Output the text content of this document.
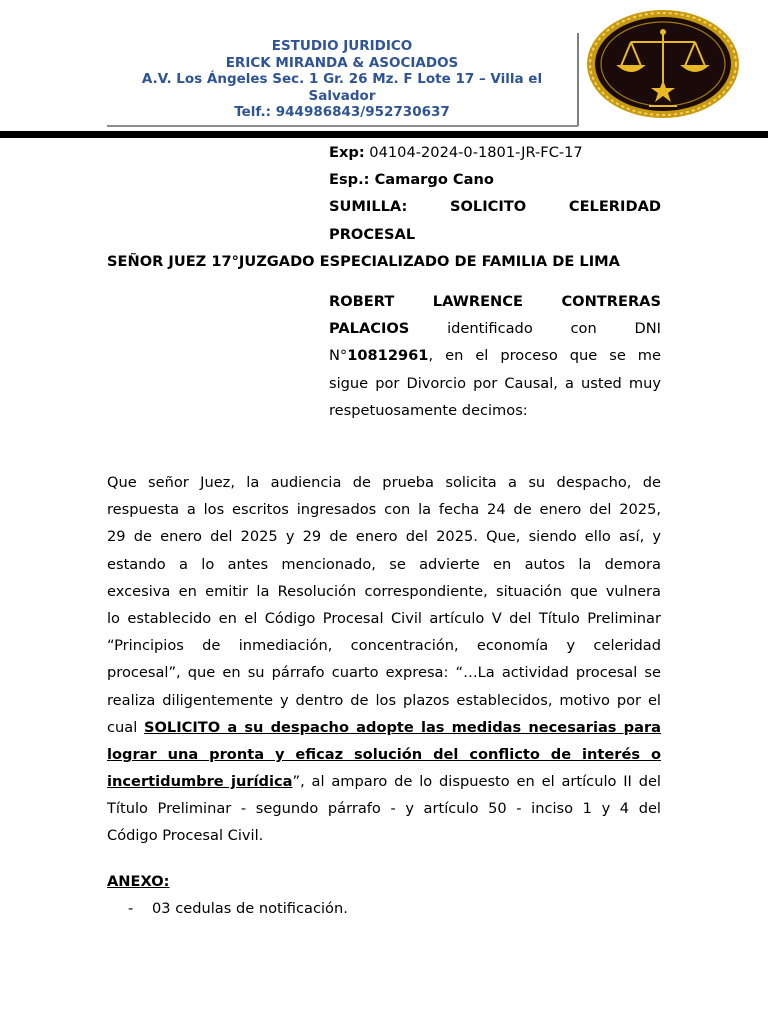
ESTUDIO JURIDICO
ERICK MIRANDA & ASOCIADOS
A.V. Los Ángeles Sec. 1 Gr. 26 Mz. F Lote 17 – Villa el
Salvador
Telf.: 944986843/952730637
Exp: 04104-2024-0-1801-JR-FC-17
Esp.: Camargo Cano
SUMILLA:	SOLICITO	CELERIDAD
PROCESAL
SEÑOR JUEZ 17°JUZGADO ESPECIALIZADO DE FAMILIA DE LIMA
ROBERT	LAWRENCE	CONTRERAS
PALACIOS	identificado	con	DNI
N°10812961, en el proceso que se me
sigue por Divorcio por Causal, a usted muy
respetuosamente decimos:
Que señor Juez, la audiencia de prueba solicita a su despacho, de
respuesta a los escritos ingresados con la fecha 24 de enero del 2025,
29 de enero del 2025 y 29 de enero del 2025. Que, siendo ello así, y
estando a lo antes mencionado, se advierte en autos la demora
excesiva en emitir la Resolución correspondiente, situación que vulnera
lo establecido en el Código Procesal Civil artículo V del Título Preliminar
“Principios de inmediación, concentración, economía y celeridad
procesal”, que en su párrafo cuarto expresa: “…La actividad procesal se
realiza diligentemente y dentro de los plazos establecidos, motivo por el
cual SOLICITO a su despacho adopte las medidas necesarias para
lograr una pronta y eficaz solución del conflicto de interés o
incertidumbre jurídica”, al amparo de lo dispuesto en el artículo II del
Título Preliminar - segundo párrafo - y artículo 50 - inciso 1 y 4 del
Código Procesal Civil.
ANEXO:
- 03 cedulas de notificación.
